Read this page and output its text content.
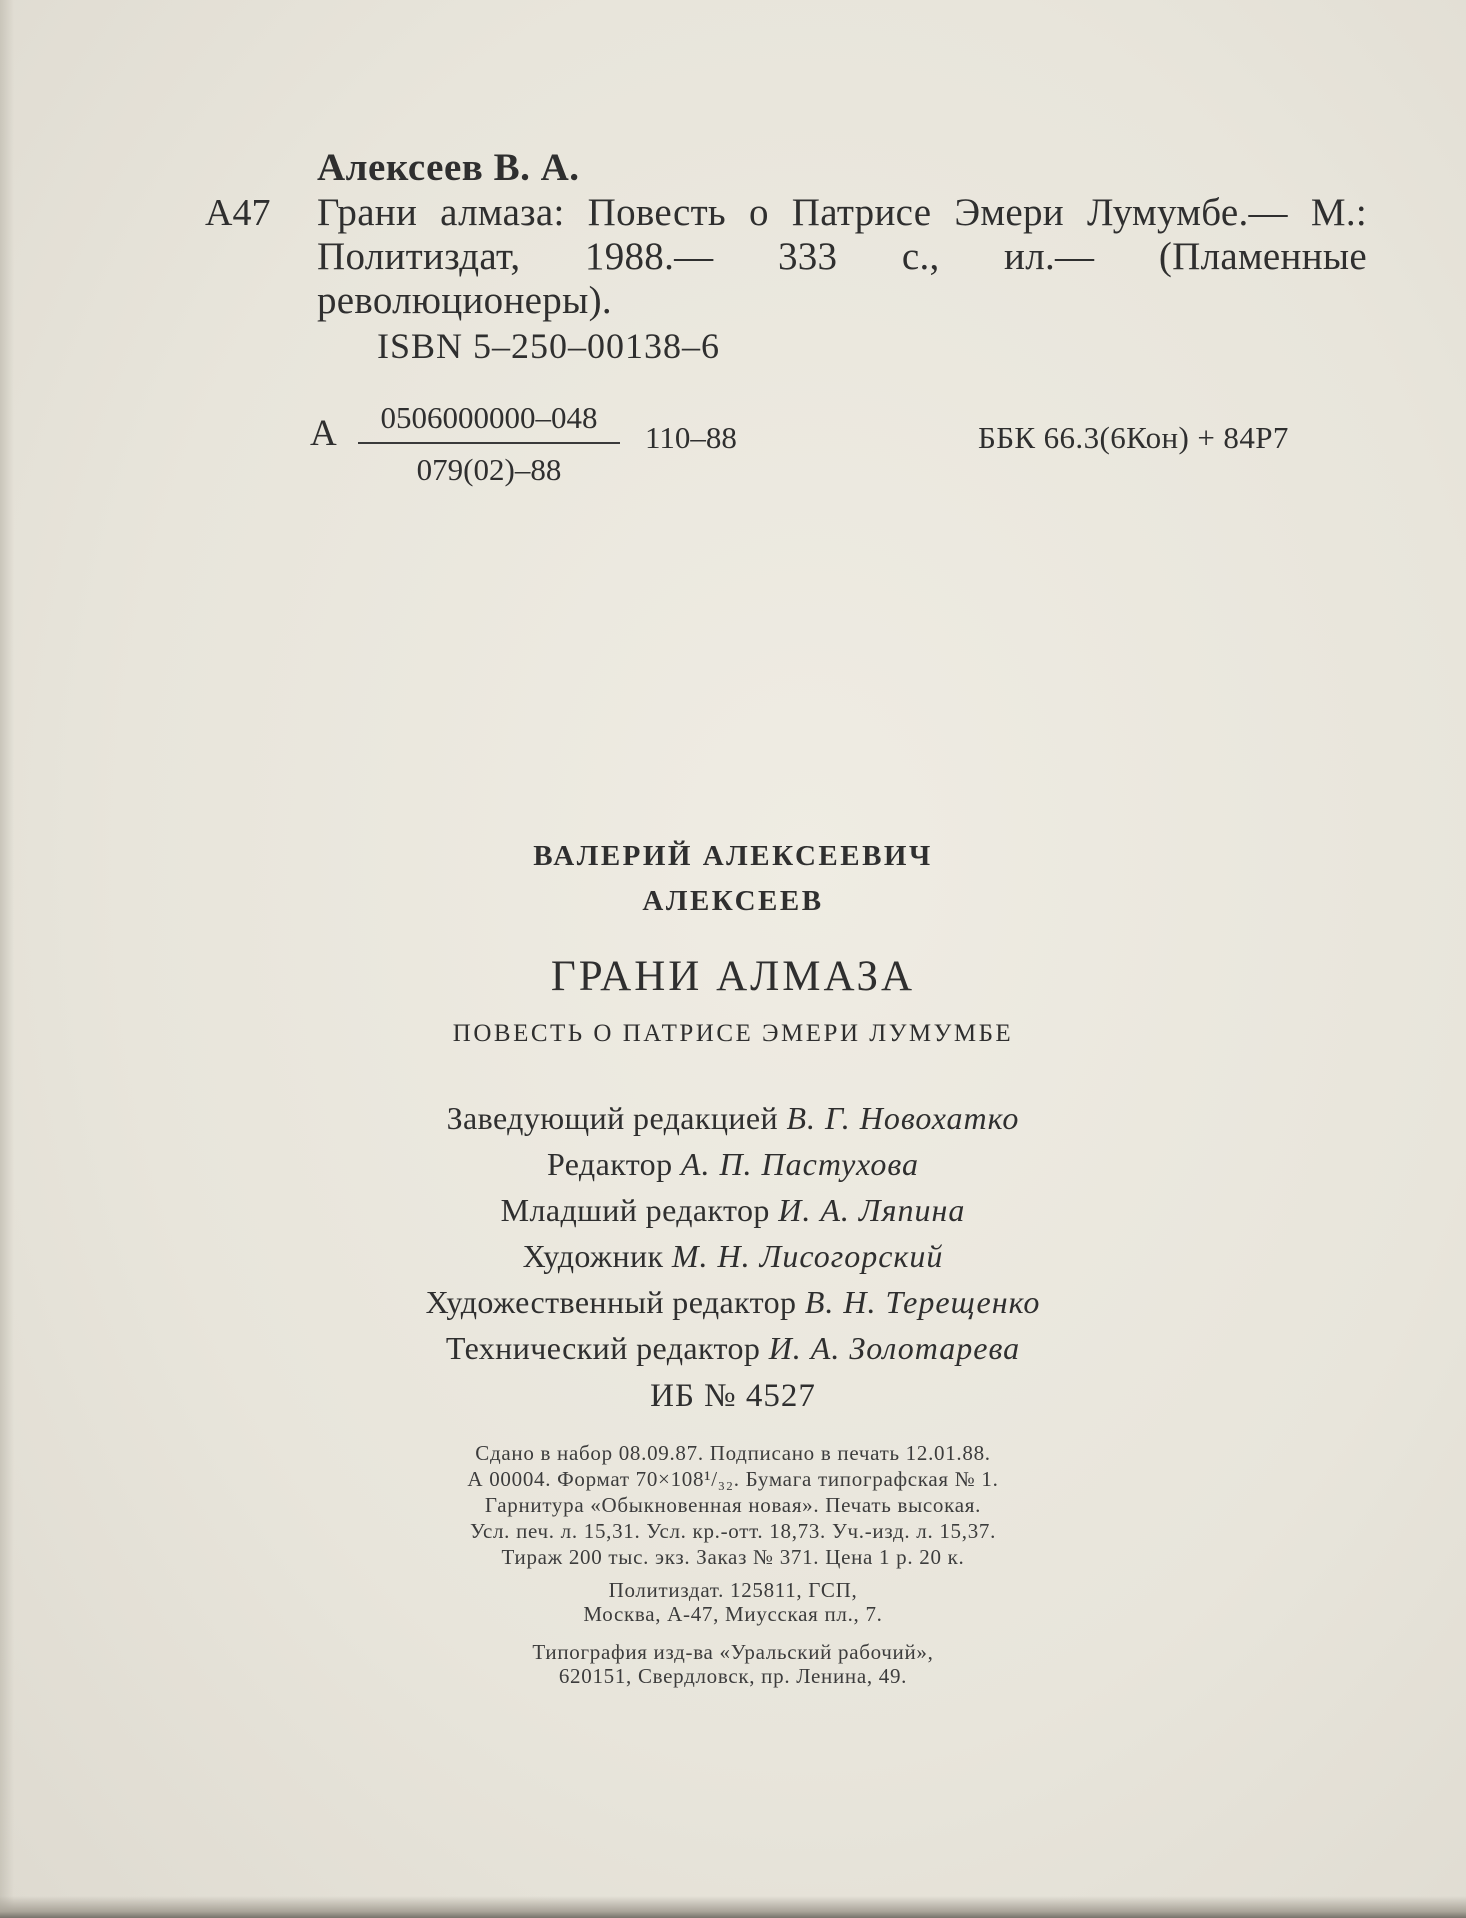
Алексеев В. А.
А47 Грани алмаза: Повесть о Патрисе Эмери Лумумбе.— М.: Политиздат, 1988.— 333 с., ил.— (Пламенные революционеры).
ISBN 5–250–00138–6
А	0506000000–048
079(02)–88
110–88	ББК 66.3(6Кон) + 84Р7
ВАЛЕРИЙ АЛЕКСЕЕВИЧ
АЛЕКСЕЕВ
ГРАНИ АЛМАЗА
ПОВЕСТЬ О ПАТРИСЕ ЭМЕРИ ЛУМУМБЕ
Заведующий редакцией В. Г. Новохатко
Редактор А. П. Пастухова
Младший редактор И. А. Ляпина
Художник М. Н. Лисогорский
Художественный редактор В. Н. Терещенко
Технический редактор И. А. Золотарева
ИБ № 4527
Сдано в набор 08.09.87. Подписано в печать 12.01.88.
А 00004. Формат 70×108¹/₃₂. Бумага типографская № 1.
Гарнитура «Обыкновенная новая». Печать высокая.
Усл. печ. л. 15,31. Усл. кр.-отт. 18,73. Уч.-изд. л. 15,37.
Тираж 200 тыс. экз. Заказ № 371. Цена 1 р. 20 к.
Политиздат. 125811, ГСП,
Москва, А-47, Миусская пл., 7.
Типография изд-ва «Уральский рабочий»,
620151, Свердловск, пр. Ленина, 49.
